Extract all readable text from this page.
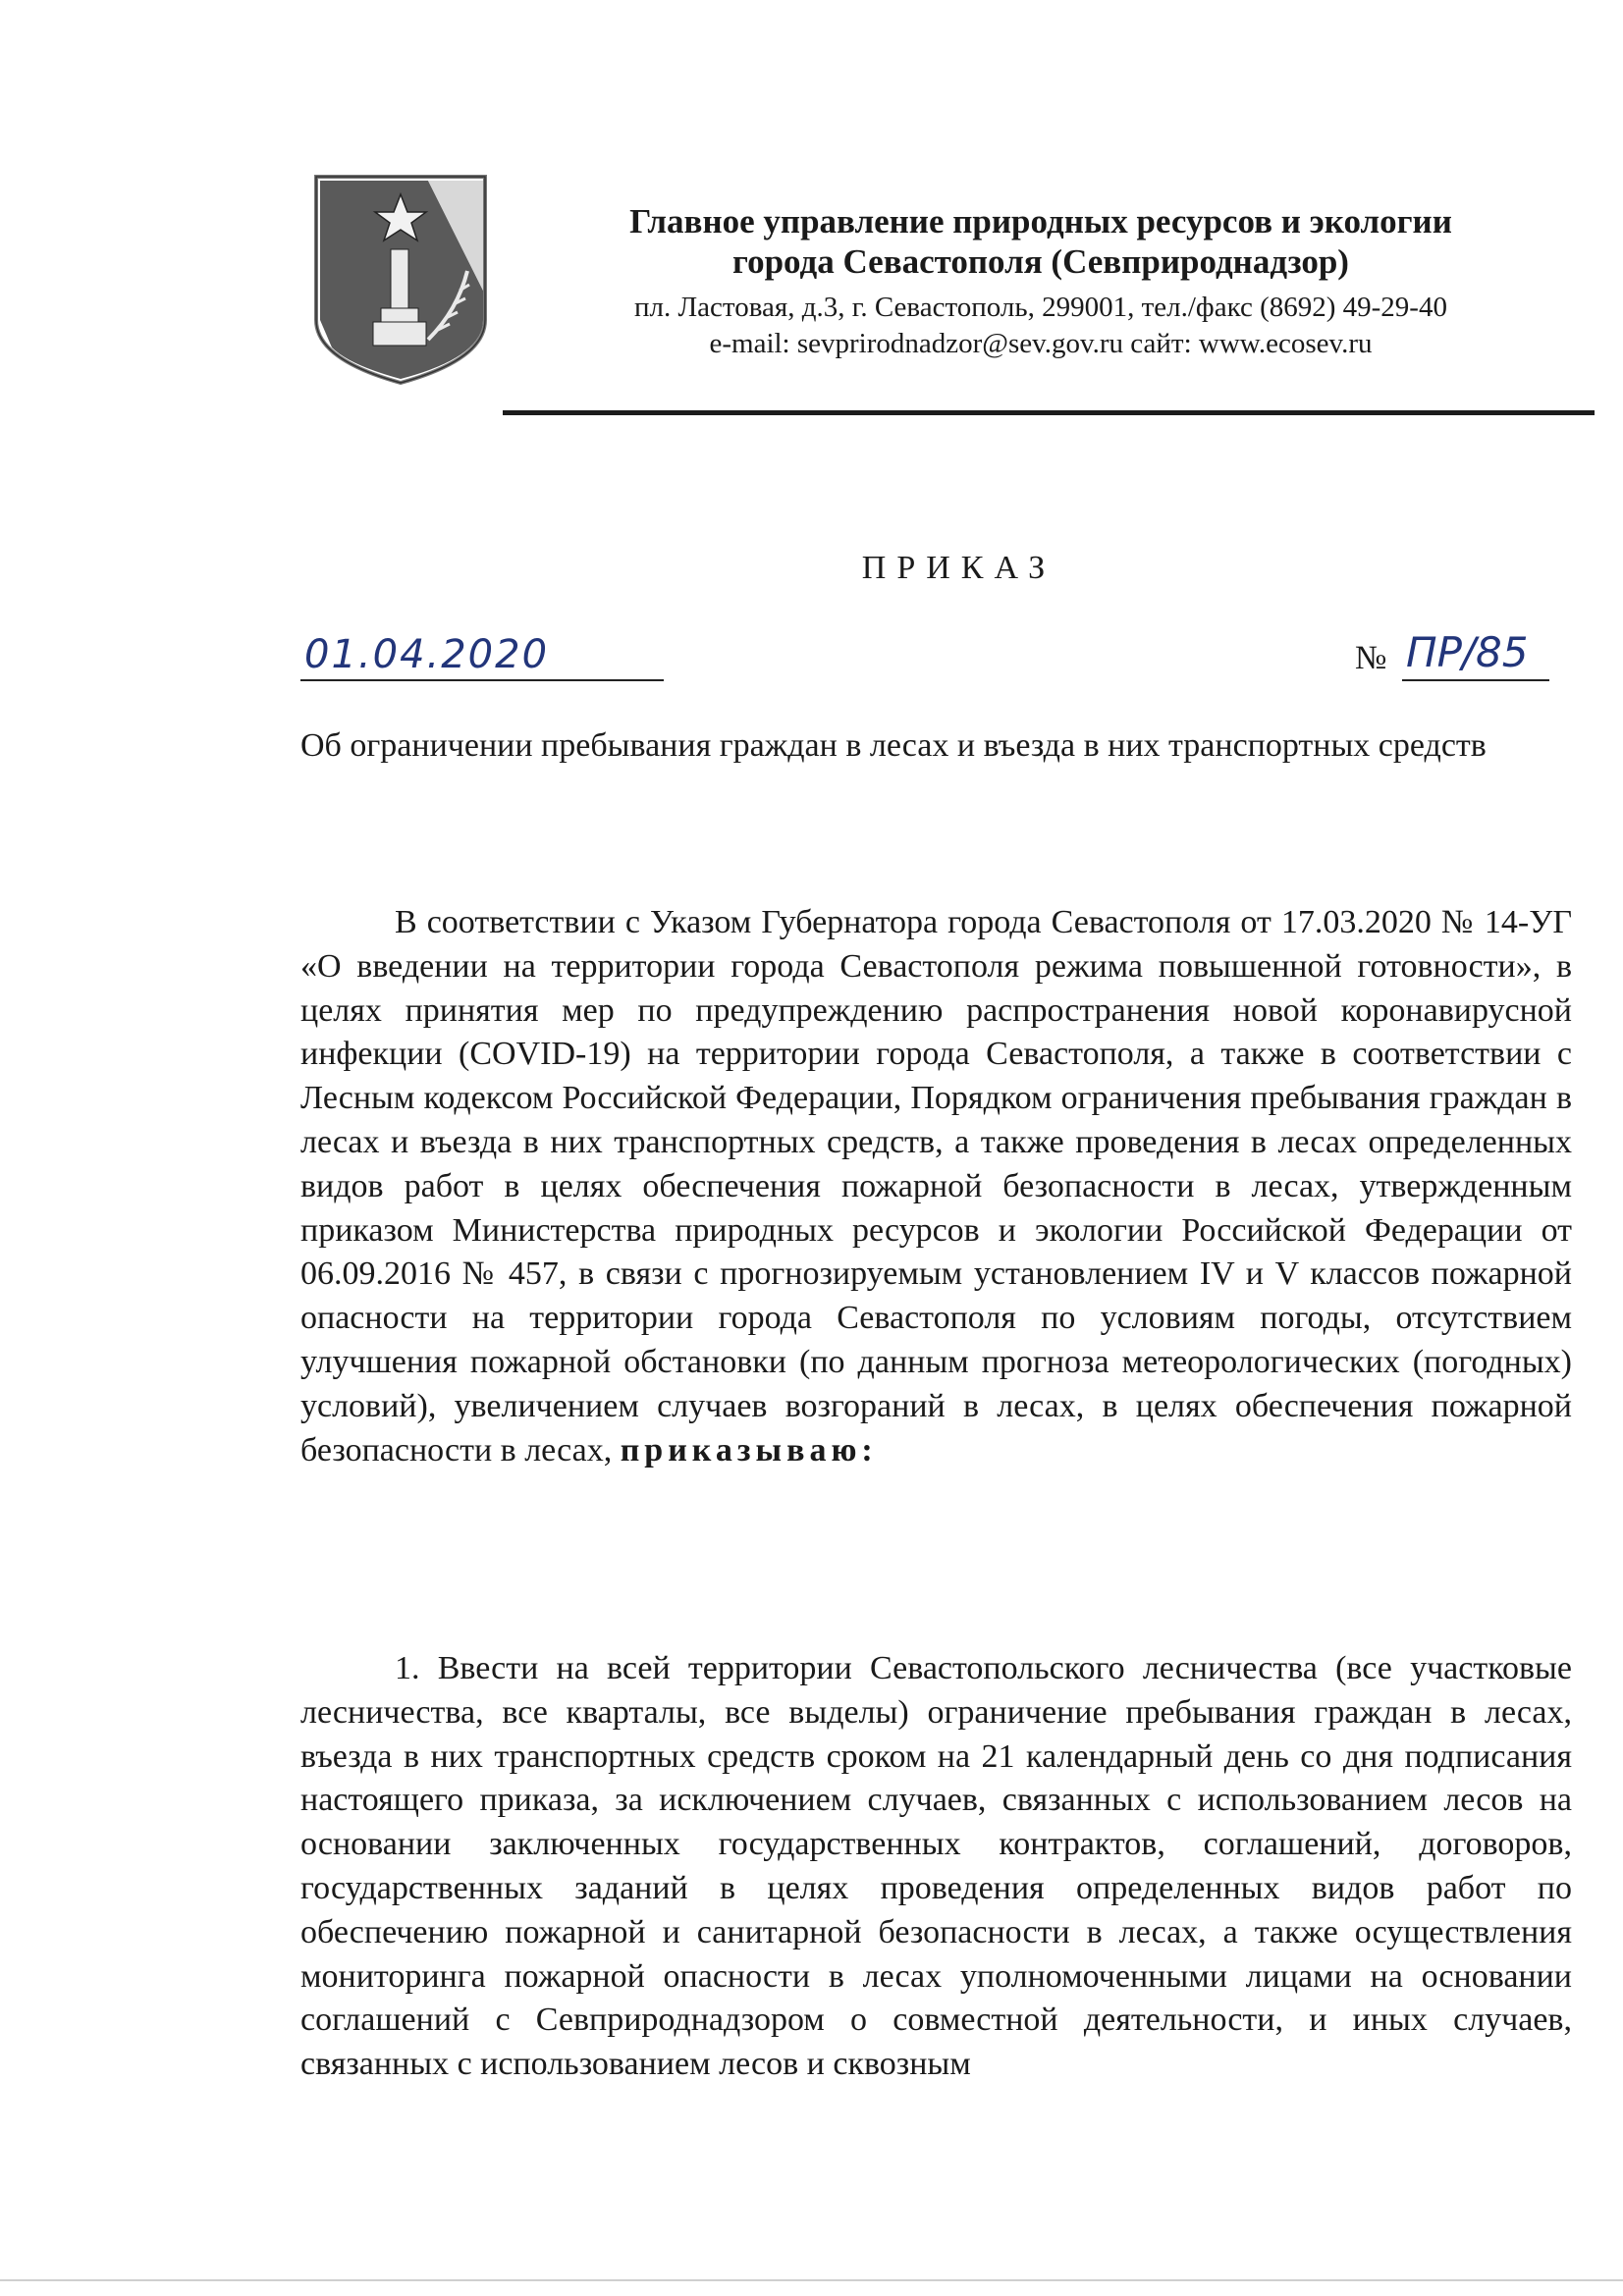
Главное управление природных ресурсов и экологии

города Севастополя (Севприроднадзор)

пл. Ластовая, д.3, г. Севастополь, 299001, тел./факс (8692) 49-29-40

e-mail: sevprirodnadzor@sev.gov.ru сайт: www.ecosev.ru

ПРИКАЗ
01.04.2020	№ ПР/85

Об ограничении пребывания граждан в лесах и въезда в них транспортных средств

В соответствии с Указом Губернатора города Севастополя от 17.03.2020 № 14-УГ «О введении на территории города Севастополя режима повышенной готовности», в целях принятия мер по предупреждению распространения новой коронавирусной инфекции (COVID-19) на территории города Севастополя, а также в соответствии с Лесным кодексом Российской Федерации, Порядком ограничения пребывания граждан в лесах и въезда в них транспортных средств, а также проведения в лесах определенных видов работ в целях обеспечения пожарной безопасности в лесах, утвержденным приказом Министерства природных ресурсов и экологии Российской Федерации от 06.09.2016 № 457, в связи с прогнозируемым установлением IV и V классов пожарной опасности на территории города Севастополя по условиям погоды, отсутствием улучшения пожарной обстановки (по данным прогноза метеорологических (погодных) условий), увеличением случаев возгораний в лесах, в целях обеспечения пожарной безопасности в лесах, приказываю:

1. Ввести на всей территории Севастопольского лесничества (все участковые лесничества, все кварталы, все выделы) ограничение пребывания граждан в лесах, въезда в них транспортных средств сроком на 21 календарный день со дня подписания настоящего приказа, за исключением случаев, связанных с использованием лесов на основании заключенных государственных контрактов, соглашений, договоров, государственных заданий в целях проведения определенных видов работ по обеспечению пожарной и санитарной безопасности в лесах, а также осуществления мониторинга пожарной опасности в лесах уполномоченными лицами на основании соглашений с Севприроднадзором о совместной деятельности, и иных случаев, связанных с использованием лесов и сквозным
